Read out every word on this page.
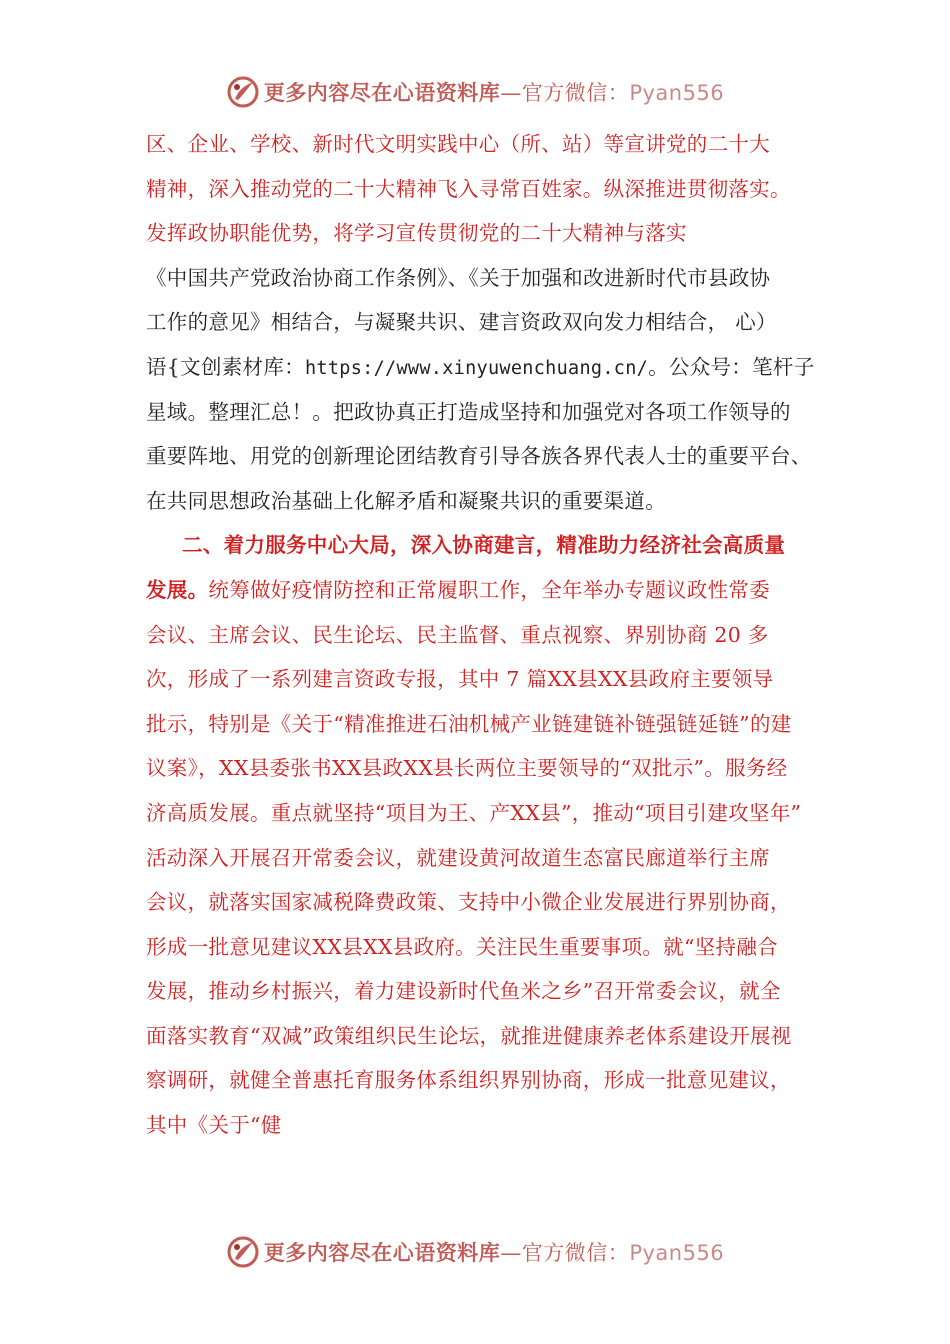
更多内容尽在心语资料库—官方微信：Pyan556
区、企业、学校、新时代文明实践中心（所、站）等宣讲党的二十大
精神，深入推动党的二十大精神飞入寻常百姓家。纵深推进贯彻落实。
发挥政协职能优势，将学习宣传贯彻党的二十大精神与落实
《中国共产党政治协商工作条例》、《关于加强和改进新时代市县政协
工作的意见》相结合，与凝聚共识、建言资政双向发力相结合， 心）
语{文创素材库：https://www.xinyuwenchuang.cn/。公众号：笔杆子
星域。整理汇总！。把政协真正打造成坚持和加强党对各项工作领导的
重要阵地、用党的创新理论团结教育引导各族各界代表人士的重要平台、
在共同思想政治基础上化解矛盾和凝聚共识的重要渠道。
二、着力服务中心大局，深入协商建言，精准助力经济社会高质量
发展。统筹做好疫情防控和正常履职工作，全年举办专题议政性常委
会议、主席会议、民生论坛、民主监督、重点视察、界别协商 20 多
次，形成了一系列建言资政专报，其中 7 篇XX县XX县政府主要领导
批示，特别是《关于“精准推进石油机械产业链建链补链强链延链”的建
议案》，XX县委张书XX县政XX县长两位主要领导的“双批示”。服务经
济高质发展。重点就坚持“项目为王、产XX县”，推动“项目引建攻坚年”
活动深入开展召开常委会议，就建设黄河故道生态富民廊道举行主席
会议，就落实国家减税降费政策、支持中小微企业发展进行界别协商，
形成一批意见建议XX县XX县政府。关注民生重要事项。就“坚持融合
发展，推动乡村振兴，着力建设新时代鱼米之乡”召开常委会议，就全
面落实教育“双减”政策组织民生论坛，就推进健康养老体系建设开展视
察调研，就健全普惠托育服务体系组织界别协商，形成一批意见建议，
其中《关于“健
更多内容尽在心语资料库—官方微信：Pyan556
